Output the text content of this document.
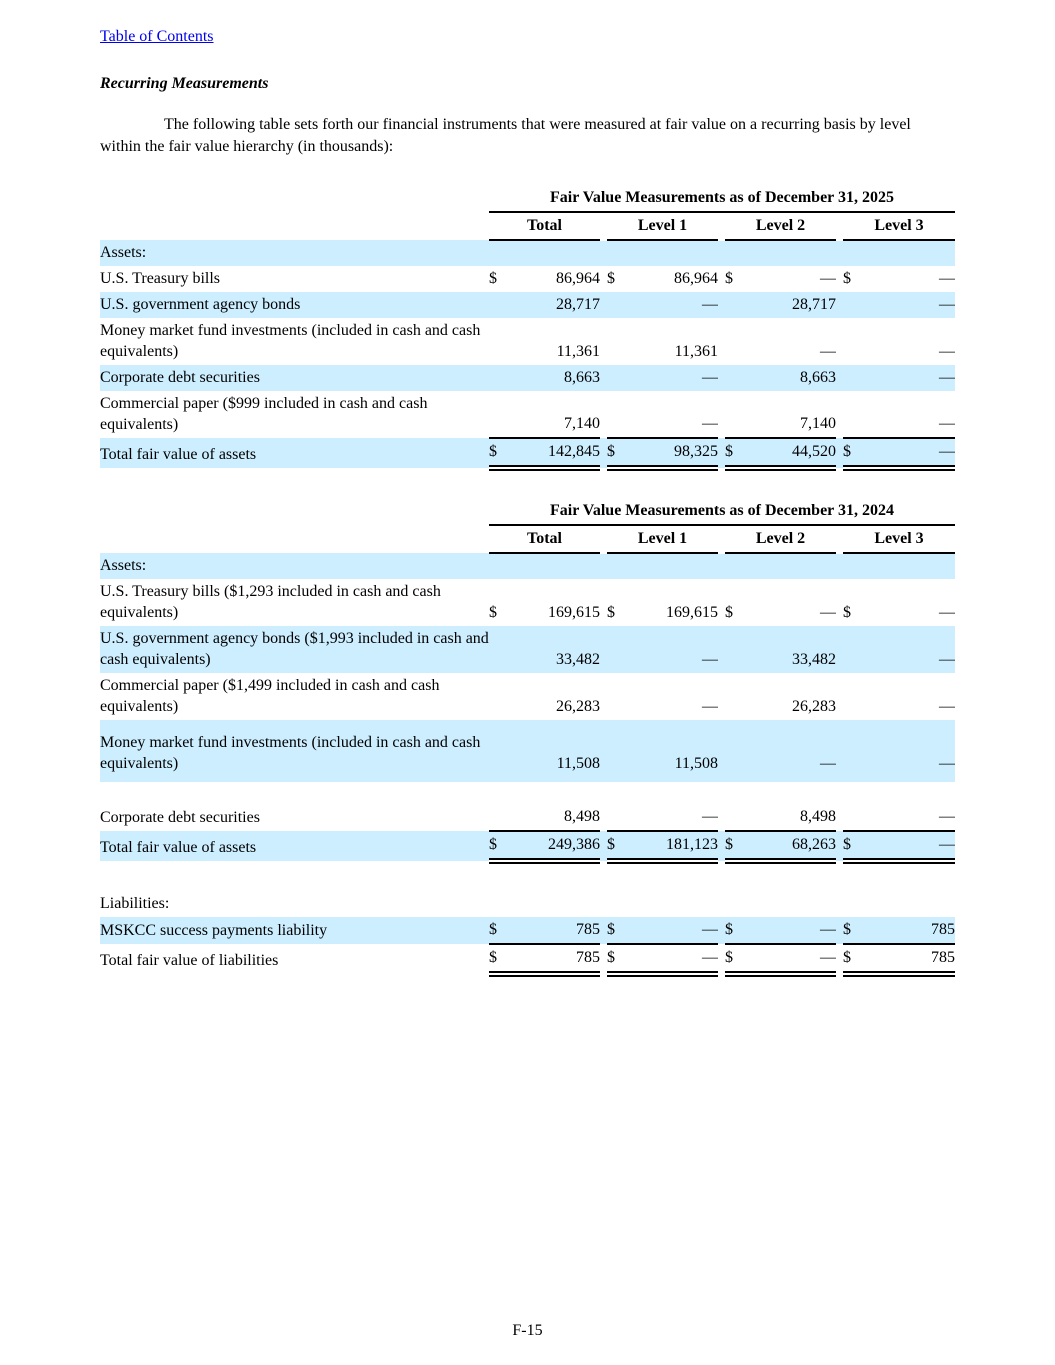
Table of Contents
Recurring Measurements

The following table sets forth our financial instruments that were measured at fair value on a recurring basis by level within the fair value hierarchy (in thousands):

	Fair Value Measurements as of December 31, 2025										
	Total			Level 1			Level 2			Level 3	
Assets:											
U.S. Treasury bills	$	86,964		$	86,964		$	—		$	—
U.S. government agency bonds		28,717			—			28,717			—
Money market fund investments (included in cash and cash equivalents)		11,361			11,361			—			—
Corporate debt securities		8,663			—			8,663			—
Commercial paper ($999 included in cash and cash equivalents)		7,140			—			7,140			—
Total fair value of assets	$	142,845		$	98,325		$	44,520		$	—
	Fair Value Measurements as of December 31, 2024										
	Total			Level 1			Level 2			Level 3	
Assets:											
U.S. Treasury bills ($1,293 included in cash and cash equivalents)	$	169,615		$	169,615		$	—		$	—
U.S. government agency bonds ($1,993 included in cash and cash equivalents)		33,482			—			33,482			—
Commercial paper ($1,499 included in cash and cash equivalents)		26,283			—			26,283			—
Money market fund investments (included in cash and cash equivalents)		11,508			11,508			—			—

Corporate debt securities		8,498			—			8,498			—
Total fair value of assets	$	249,386		$	181,123		$	68,263		$	—
Liabilities:											
MSKCC success payments liability	$	785		$	—		$	—		$	785
Total fair value of liabilities	$	785		$	—		$	—		$	785
F-15
